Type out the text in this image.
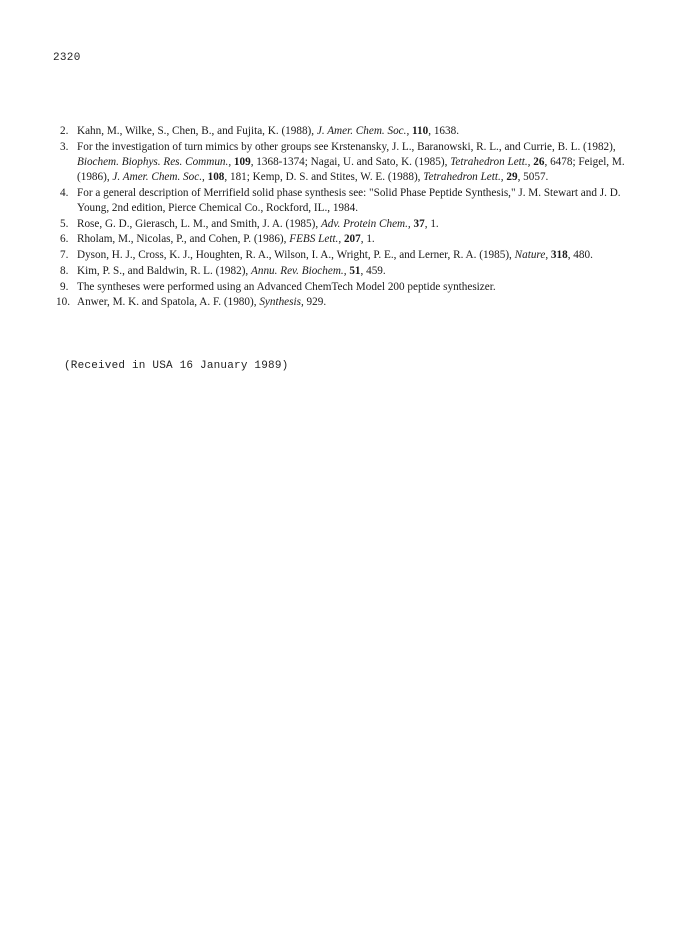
2320
2. Kahn, M., Wilke, S., Chen, B., and Fujita, K. (1988), J. Amer. Chem. Soc., 110, 1638.
3. For the investigation of turn mimics by other groups see Krstenansky, J. L., Baranowski, R. L., and Currie, B. L. (1982), Biochem. Biophys. Res. Commun., 109, 1368-1374; Nagai, U. and Sato, K. (1985), Tetrahedron Lett., 26, 6478; Feigel, M. (1986), J. Amer. Chem. Soc., 108, 181; Kemp, D. S. and Stites, W. E. (1988), Tetrahedron Lett., 29, 5057.
4. For a general description of Merrifield solid phase synthesis see: "Solid Phase Peptide Synthesis," J. M. Stewart and J. D. Young, 2nd edition, Pierce Chemical Co., Rockford, IL., 1984.
5. Rose, G. D., Gierasch, L. M., and Smith, J. A. (1985), Adv. Protein Chem., 37, 1.
6. Rholam, M., Nicolas, P., and Cohen, P. (1986), FEBS Lett., 207, 1.
7. Dyson, H. J., Cross, K. J., Houghten, R. A., Wilson, I. A., Wright, P. E., and Lerner, R. A. (1985), Nature, 318, 480.
8. Kim, P. S., and Baldwin, R. L. (1982), Annu. Rev. Biochem., 51, 459.
9. The syntheses were performed using an Advanced ChemTech Model 200 peptide synthesizer.
10. Anwer, M. K. and Spatola, A. F. (1980), Synthesis, 929.
(Received in USA 16 January 1989)
